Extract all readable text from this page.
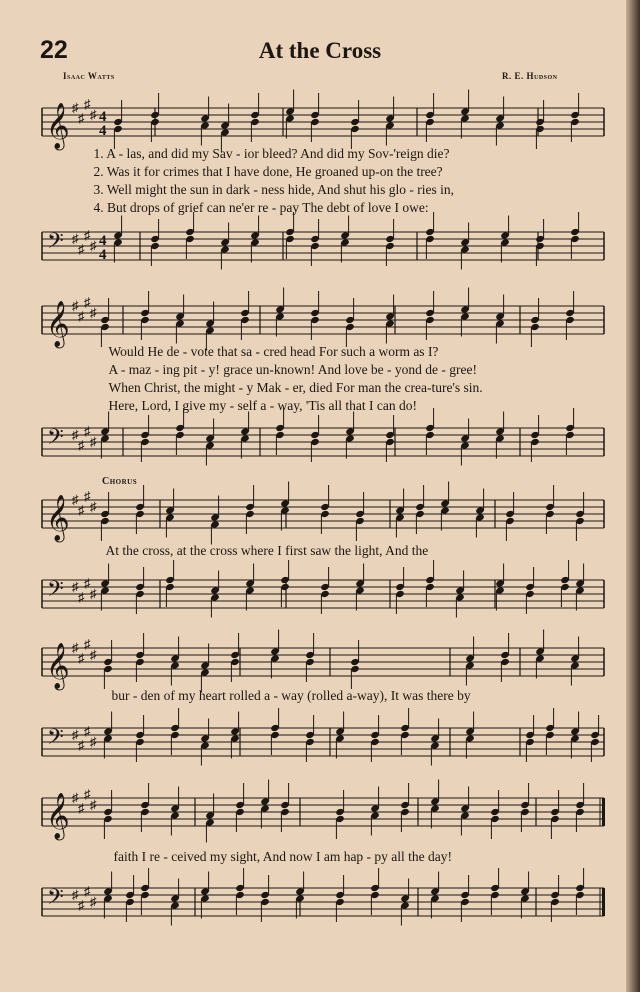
22	At the Cross
Isaac Watts	R. E. Hudson
Chorus
𝄞 ♯
♯
♯
♯ 4
4

1. A - las, and did my Sav - ior bleed? And did my Sov-'reign die?

2. Was it for crimes that I have done, He groaned up-on the tree?

3. Well might the sun in dark - ness hide, And shut his glo - ries in,

4. But drops of grief can ne'er re - pay The debt of love I owe:

𝄢 ♯
♯
♯
♯ 4
4
𝄞 ♯
♯
♯
♯

Would He de - vote that sa - cred head For such a worm as I?

A - maz - ing pit - y! grace un-known! And love be - yond de - gree!

When Christ, the might - y Mak - er, died For man the crea-ture's sin.

Here, Lord, I give my - self a - way, 'Tis all that I can do!

𝄢 ♯
♯
♯
♯
𝄞 ♯
♯
♯
♯

At the cross, at the cross where I first saw the light, And the

𝄢 ♯
♯
♯
♯
𝄞 ♯
♯
♯
♯

bur - den of my heart rolled a - way (rolled a-way), It was there by

𝄢 ♯
♯
♯
♯
𝄞 ♯
♯
♯
♯

faith I re - ceived my sight, And now I am hap - py all the day!

𝄢 ♯
♯
♯
♯
